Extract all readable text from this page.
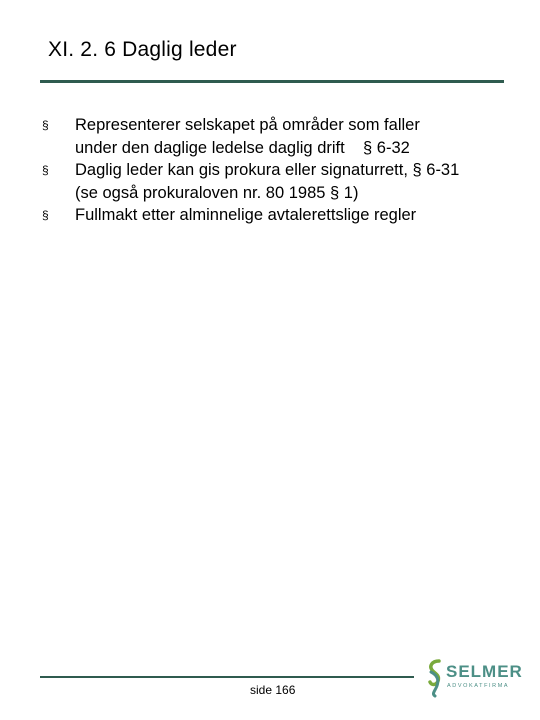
XI. 2. 6 Daglig leder
§ Representerer selskapet på områder som faller
under den daglige ledelse daglig drift    § 6-32
§ Daglig leder kan gis prokura eller signaturrett, § 6-31
(se også prokuraloven nr. 80 1985 § 1)
§ Fullmakt etter alminnelige avtalerettslige regler
side 166
SELMER
ADVOKATFIRMA
